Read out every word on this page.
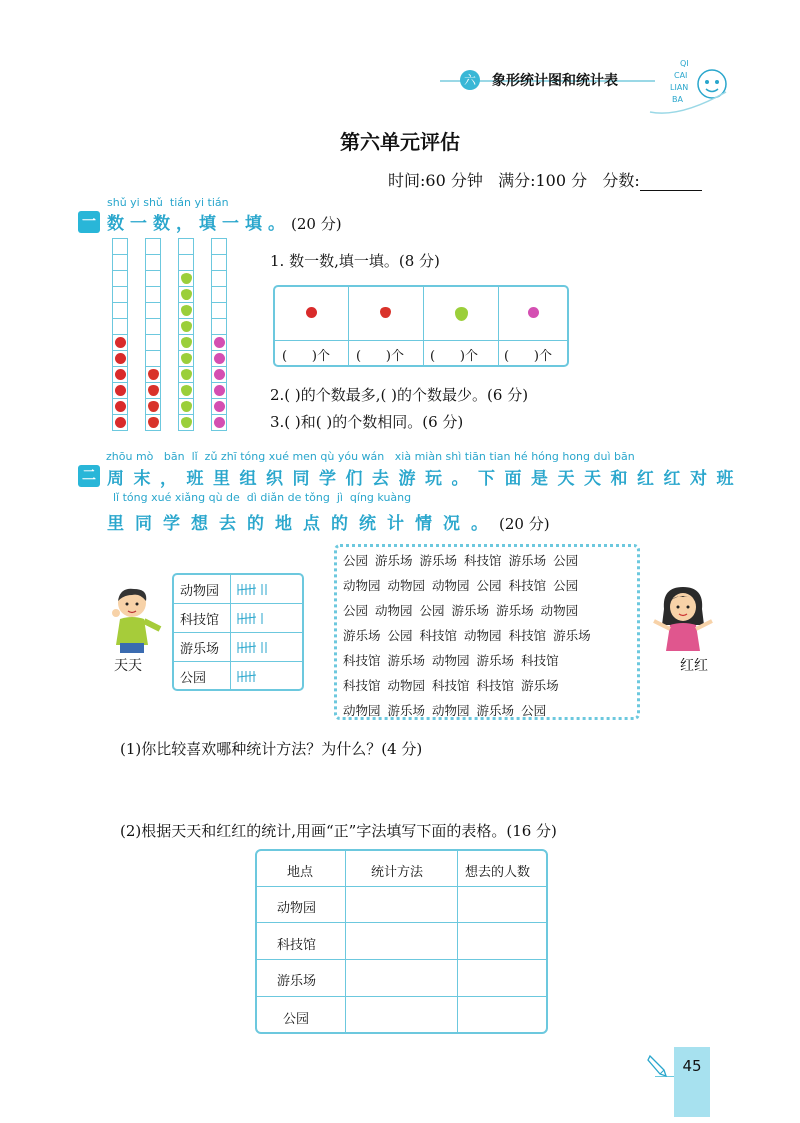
六 象形统计图和统计表
QI
CAI
LIAN
BA
第六单元评估
时间:60 分钟 满分:100 分 分数:
shǔ yi shǔ  tián yi tián
一 数一数，填一填。(20 分)
1. 数一数,填一填。(8 分)
(      )个 (      )个 (      )个 (      )个
2.( )的个数最多,( )的个数最少。(6 分)
3.( )和( )的个数相同。(6 分)
zhōu mò   bān  lǐ  zǔ zhī tóng xué men qù yóu wán   xià miàn shì tiān tian hé hóng hong duì bān
二 周末，班里组织同学们去游玩。下面是天天和红红对班
lǐ tóng xué xiǎng qù de  dì diǎn de tǒng  jì  qíng kuàng
里同学想去的地点的统计情况。(20 分)
天天
动物园
科技馆
游乐场
公园
公园 游乐场 游乐场 科技馆 游乐场 公园
动物园 动物园 动物园 公园 科技馆 公园
公园 动物园 公园 游乐场 游乐场 动物园
游乐场 公园 科技馆 动物园 科技馆 游乐场
科技馆 游乐场 动物园 游乐场 科技馆
科技馆 动物园 科技馆 科技馆 游乐场
动物园 游乐场 动物园 游乐场 公园
红红
(1)你比较喜欢哪种统计方法？为什么？(4 分)
(2)根据天天和红红的统计,用画“正”字法填写下面的表格。(16 分)
地点	统计方法	想去的人数
动物园
科技馆
游乐场
公园
45
